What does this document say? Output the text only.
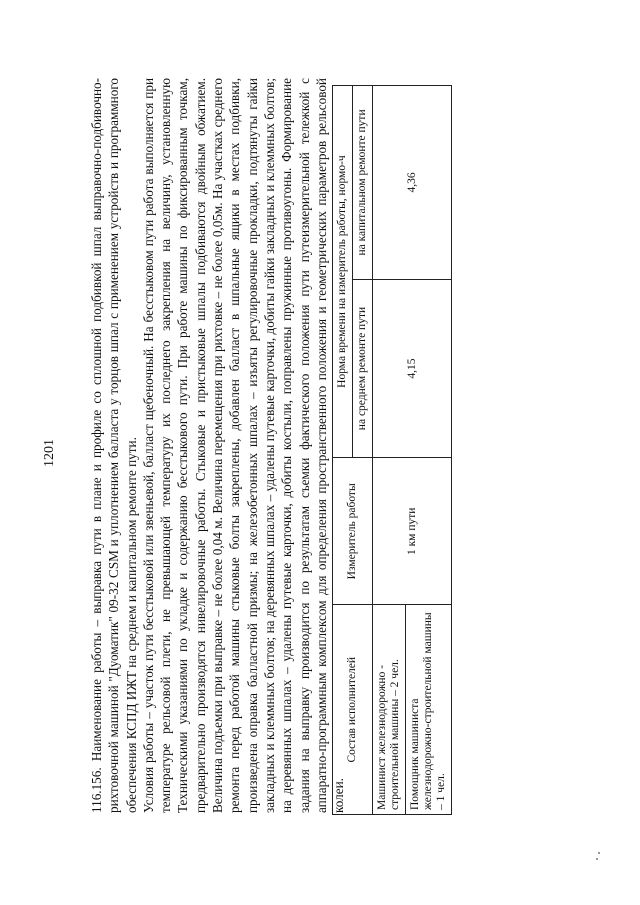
1201 116.156. Наименование работы – выправка пути в плане и профиле со сплошной подбивкой шпал выправочно-подбивочно-рихтовочной машиной "Дуоматик" 09-32 CSM и уплотнением балласта у торцов шпал с применением устройств и программного обеспечения КСПД ИЖТ на среднем и капитальном ремонте пути. Условия работы – участок пути бесстыковой или звеньевой, балласт щебеночный. На бесстыковом пути работа выполняется при температуре рельсовой плети, не превышающей температуру их последнего закрепления на величину, установленную Техническими указаниями по укладке и содержанию бесстыкового пути. При работе машины по фиксированным точкам, предварительно производятся нивелировочные работы. Стыковые и пристыковые шпалы подбиваются двойным обжатием. Величина подъемки при выправке – не более 0,04 м. Величина перемещения при рихтовке – не более 0,05м. На участках среднего ремонта перед работой машины стыковые болты закреплены, добавлен балласт в шпальные ящики в местах подбивки, произведена оправка балластной призмы; на железобетонных шпалах – изъяты регулировочные прокладки, подтянуты гайки закладных и клеммных болтов; на деревянных шпалах – удалены путевые карточки, добиты гайки закладных и клеммных болтов; на деревянных шпалах – удалены путевые карточки, добиты костыли, поправлены пружинные противоугоны. Формирование задания на выправку производится по результатам съемки фактического положения пути путеизмерительной тележкой с аппаратно-программным комплексом для определения пространственного положения и геометрических параметров рельсовой колеи.

Состав исполнителей	Измеритель работы	Норма времени на измеритель работы, нормо-ч	
		на среднем ремонте пути	на капитальном ремонте пути
Машинист железнодорожно - строительной машины – 2 чел.	1 км пути	4,15	4,36
Помощник машиниста железнодорожно-строительной машины – 1 чел.			
